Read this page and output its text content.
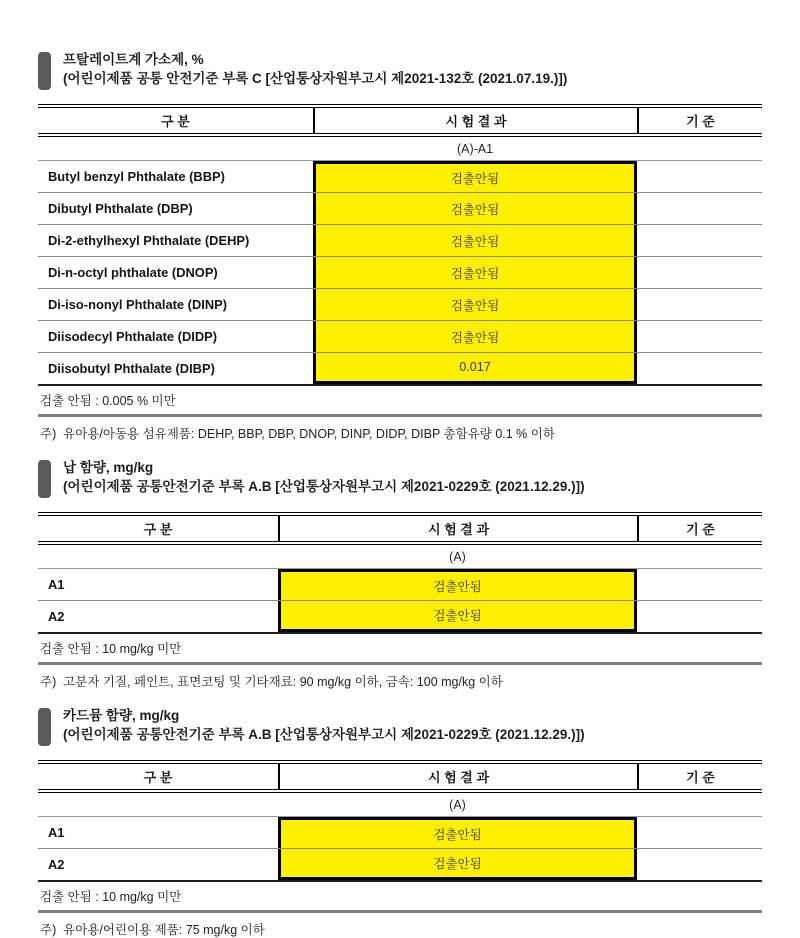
프탈레이트계 가소제, %
(어린이제품 공통 안전기준 부록 C [산업통상자원부고시 제2021-132호 (2021.07.19.)])
구 분	시 험 결 과	기 준
(A)-A1
Butyl benzyl Phthalate (BBP)	검출안됨
Dibutyl Phthalate (DBP)	검출안됨
Di-2-ethylhexyl Phthalate (DEHP)	검출안됨
Di-n-octyl phthalate (DNOP)	검출안됨
Di-iso-nonyl Phthalate (DINP)	검출안됨
Diisodecyl Phthalate (DIDP)	검출안됨
Diisobutyl Phthalate (DIBP)	0.017
검출 안됨 : 0.005 % 미만
주)  유아용/아동용 섬유제품: DEHP, BBP, DBP, DNOP, DINP, DIDP, DIBP 총함유량 0.1 % 이하
납 함량, mg/kg
(어린이제품 공통안전기준 부록 A.B [산업통상자원부고시 제2021-0229호 (2021.12.29.)])
구 분	시 험 결 과	기 준
(A)
A1	검출안됨
A2	검출안됨
검출 안됨 : 10 mg/kg 미만
주)  고분자 기질, 페인트, 표면코팅 및 기타재료: 90 mg/kg 이하, 금속: 100 mg/kg 이하
카드뮴 함량, mg/kg
(어린이제품 공통안전기준 부록 A.B [산업통상자원부고시 제2021-0229호 (2021.12.29.)])
구 분	시 험 결 과	기 준
(A)
A1	검출안됨
A2	검출안됨
검출 안됨 : 10 mg/kg 미만
주)  유아용/어린이용 제품: 75 mg/kg 이하
